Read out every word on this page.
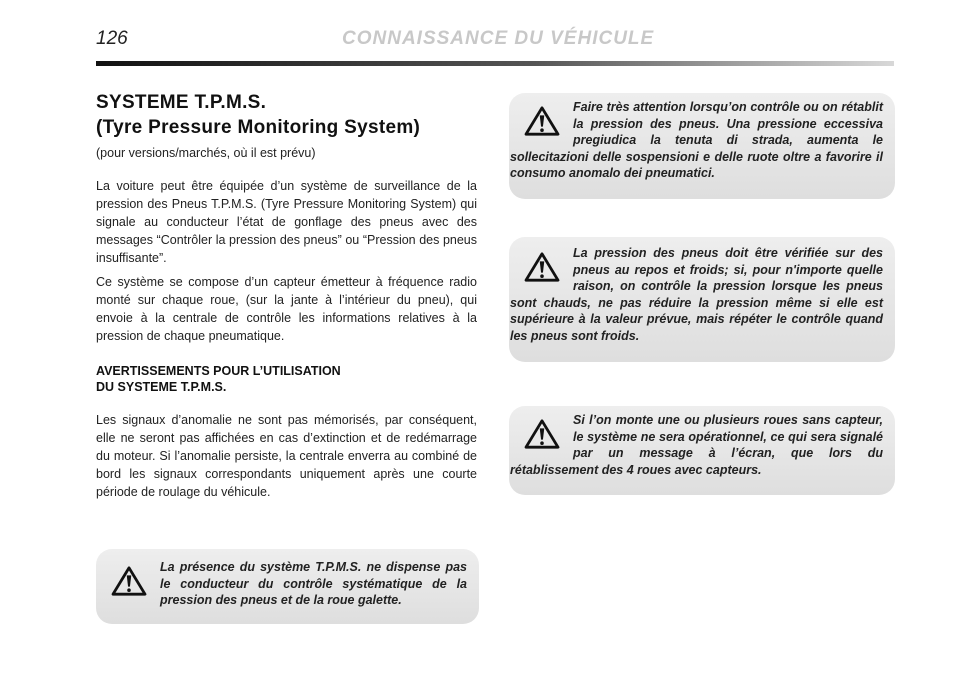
126	CONNAISSANCE DU VÉHICULE

SYSTEME T.P.M.S.

(Tyre Pressure Monitoring System)

(pour versions/marchés, où il est prévu)

La voiture peut être équipée d’un système de surveillance de la pression des Pneus T.P.M.S. (Tyre Pressure Monitoring System) qui signale au conducteur l’état de gonflage des pneus avec des messages “Contrôler la pression des pneus” ou “Pression des pneus insuffisante”.

Ce système se compose d’un capteur émetteur à fréquence radio monté sur chaque roue, (sur la jante à l’intérieur du pneu), qui envoie à la centrale de contrôle les informations relatives à la pression de chaque pneumatique.

AVERTISSEMENTS POUR L’UTILISATION
DU SYSTEME T.P.M.S.

Les signaux d’anomalie ne sont pas mémorisés, par conséquent, elle ne seront pas affichées en cas d’extinction et de redémarrage du moteur. Si l’anomalie persiste, la centrale enverra au combiné de bord les signaux correspondants uniquement après une courte période de roulage du véhicule.

Faire très attention lorsqu’on contrôle ou on rétablit la pression des pneus. Una pressione eccessiva pregiudica la tenuta di strada, aumenta le sollecitazioni delle sospensioni e delle ruote oltre a favorire il consumo anomalo dei pneumatici.

La pression des pneus doit être vérifiée sur des pneus au repos et froids; si, pour n'importe quelle raison, on contrôle la pression lorsque les pneus sont chauds, ne pas réduire la pression même si elle est supérieure à la valeur prévue, mais répéter le contrôle quand les pneus sont froids.

Si l’on monte une ou plusieurs roues sans capteur, le système ne sera opérationnel, ce qui sera signalé par un message à l’écran, que lors du rétablissement des 4 roues avec capteurs.

La présence du système T.P.M.S. ne dispense pas le conducteur du contrôle systématique de la pression des pneus et de la roue galette.
